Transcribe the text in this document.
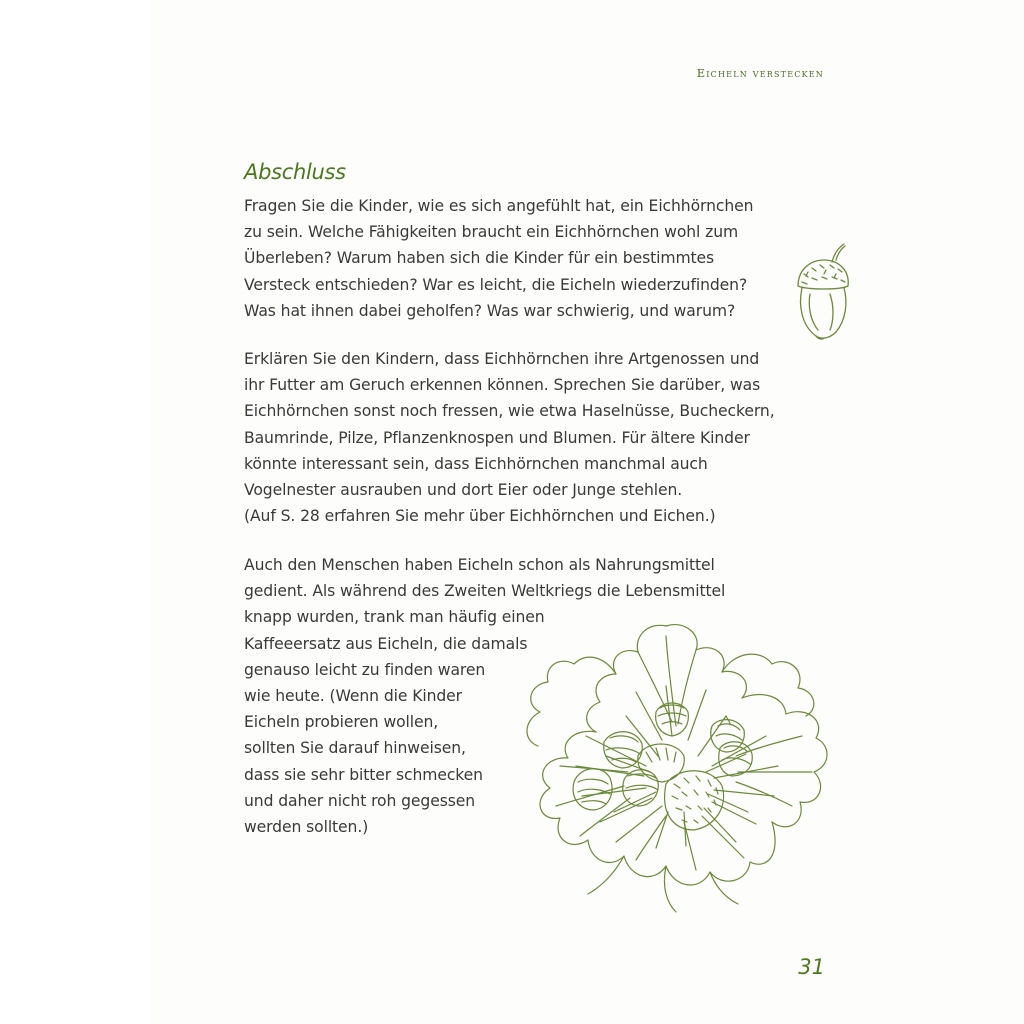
Eicheln verstecken
Abschluss

Fragen Sie die Kinder, wie es sich angefühlt hat, ein Eichhörnchen
zu sein. Welche Fähigkeiten braucht ein Eichhörnchen wohl zum
Überleben? Warum haben sich die Kinder für ein bestimmtes
Versteck entschieden? War es leicht, die Eicheln wiederzufinden?
Was hat ihnen dabei geholfen? Was war schwierig, und warum?

Erklären Sie den Kindern, dass Eichhörnchen ihre Artgenossen und
ihr Futter am Geruch erkennen können. Sprechen Sie darüber, was
Eichhörnchen sonst noch fressen, wie etwa Haselnüsse, Bucheckern,
Baumrinde, Pilze, Pflanzenknospen und Blumen. Für ältere Kinder
könnte interessant sein, dass Eichhörnchen manchmal auch
Vogelnester ausrauben und dort Eier oder Junge stehlen.
(Auf S. 28 erfahren Sie mehr über Eichhörnchen und Eichen.)

Auch den Menschen haben Eicheln schon als Nahrungsmittel
gedient. Als während des Zweiten Weltkriegs die Lebensmittel
knapp wurden, trank man häufig einen
Kaffeeersatz aus Eicheln, die damals
genauso leicht zu finden waren
wie heute. (Wenn die Kinder
Eicheln probieren wollen,
sollten Sie darauf hinweisen,
dass sie sehr bitter schmecken
und daher nicht roh gegessen
werden sollten.)

31
